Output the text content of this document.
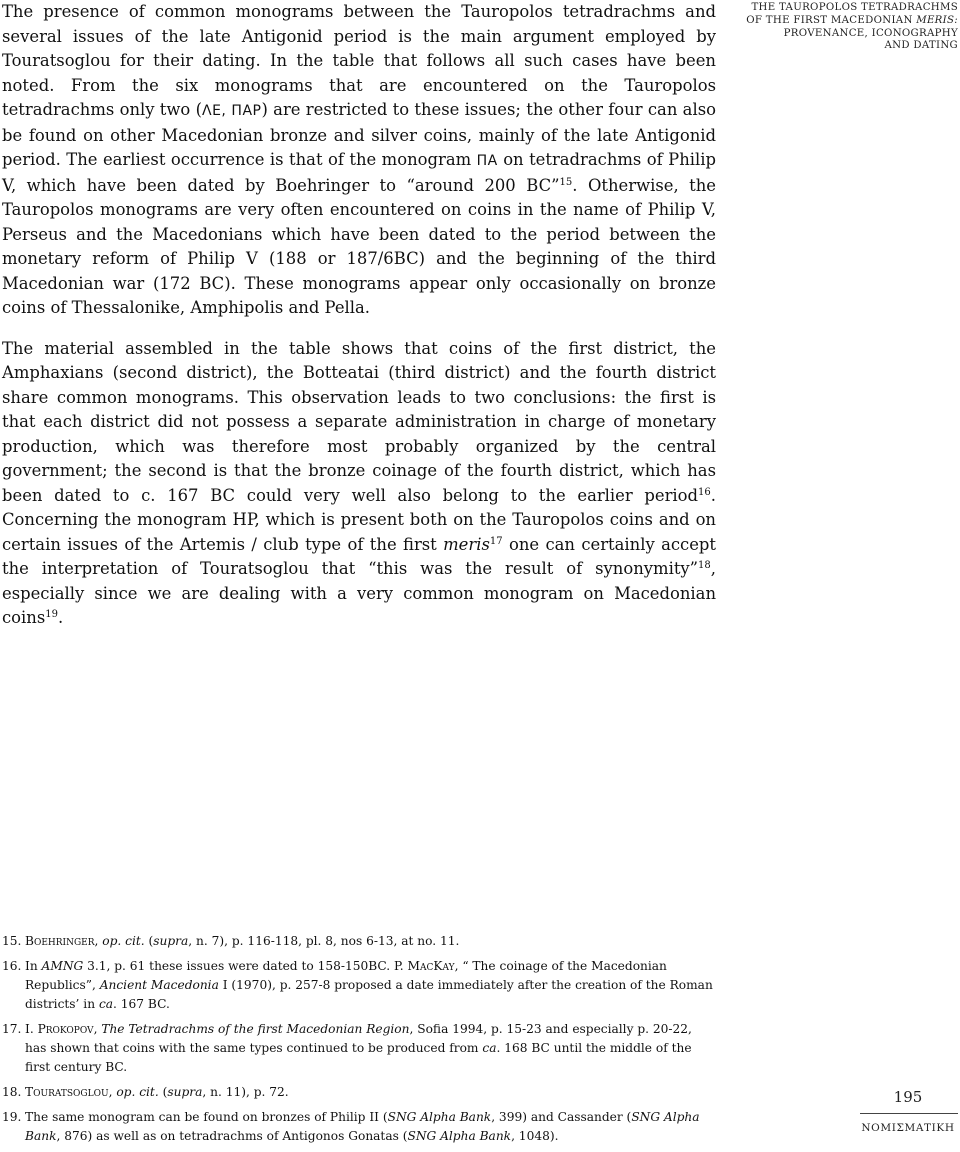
THE TAUROPOLOS TETRADRACHMS
OF THE FIRST MACEDONIAN MERIS:
PROVENANCE, ICONOGRAPHY
AND DATING

The presence of common monograms between the Tauropolos tetradrachms and several issues of the late Antigonid period is the main argument employed by Touratsoglou for their dating. In the table that follows all such cases have been noted. From the six monograms that are encountered on the Tauropolos tetradrachms only two (ΛΕ, ΠΑΡ) are restricted to these issues; the other four can also be found on other Macedonian bronze and silver coins, mainly of the late Antigonid period. The earliest occurrence is that of the monogram ΠΑ on tetradrachms of Philip V, which have been dated by Boehringer to “around 200 BC”$^{15}$. Otherwise, the Tauropolos monograms are very often encountered on coins in the name of Philip V, Perseus and the Macedonians which have been dated to the period between the monetary reform of Philip V (188 or 187/6BC) and the beginning of the third Macedonian war (172 BC). These monograms appear only occasionally on bronze coins of Thessalonike, Amphipolis and Pella.

The material assembled in the table shows that coins of the first district, the Amphaxians (second district), the Botteatai (third district) and the fourth district share common monograms. This observation leads to two conclusions: the first is that each district did not possess a separate administration in charge of monetary production, which was therefore most probably organized by the central government; the second is that the bronze coinage of the fourth district, which has been dated to c. 167 BC could very well also belong to the earlier period$^{16}$. Concerning the monogram HP, which is present both on the Tauropolos coins and on certain issues of the Artemis / club type of the first meris$^{17}$ one can certainly accept the interpretation of Touratsoglou that “this was the result of synonymity”$^{18}$, especially since we are dealing with a very common monogram on Macedonian coins$^{19}$.

15. Boehringer, op. cit. (supra, n. 7), p. 116-118, pl. 8, nos 6-13, at no. 11.
16. In AMNG 3.1, p. 61 these issues were dated to 158-150BC. P. MacKay, “ The coinage of the Macedonian Republics”, Ancient Macedonia I (1970), p. 257-8 proposed a date immediately after the creation of the Roman districts’ in ca. 167 BC.
17. I. Prokopov, The Tetradrachms of the first Macedonian Region, Sofia 1994, p. 15-23 and especially p. 20-22, has shown that coins with the same types continued to be produced from ca. 168 BC until the middle of the first century BC.
18. Touratsoglou, op. cit. (supra, n. 11), p. 72.
19. The same monogram can be found on bronzes of Philip II (SNG Alpha Bank, 399) and Cassander (SNG Alpha Bank, 876) as well as on tetradrachms of Antigonos Gonatas (SNG Alpha Bank, 1048).
195
ΝΟΜΙΣΜΑΤΙΚΗ
